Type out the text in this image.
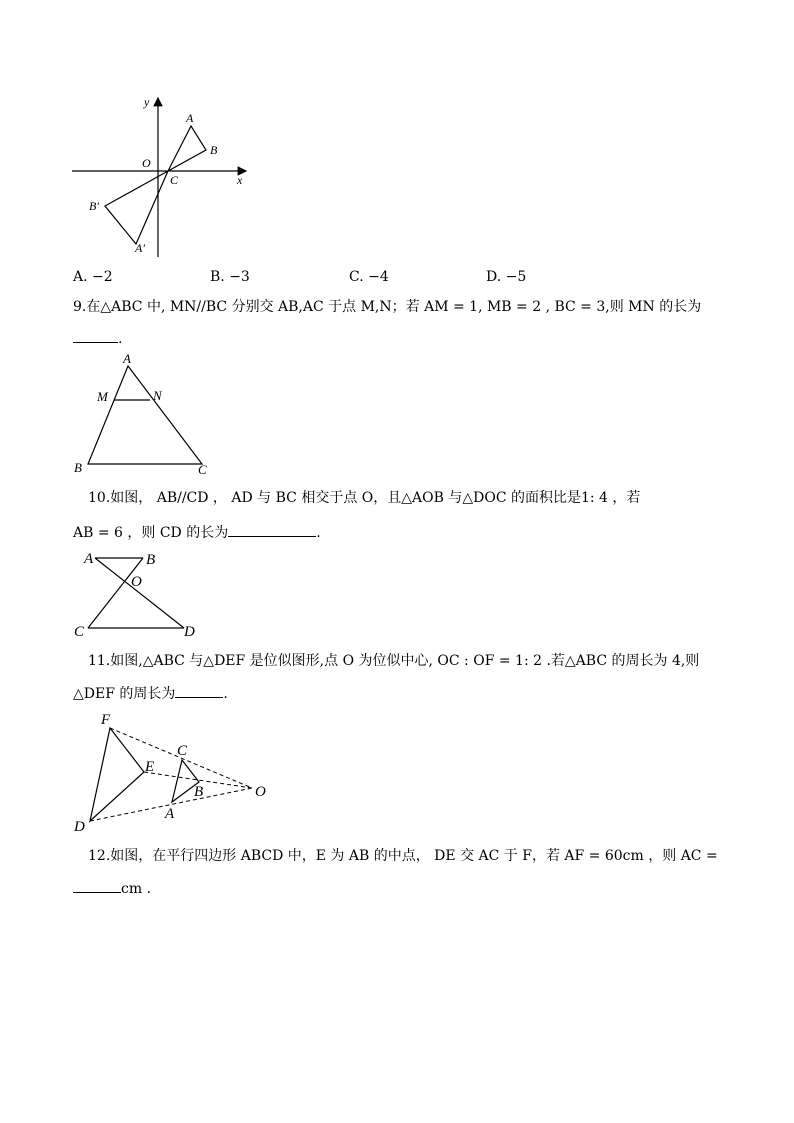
y
x
O
A
B
C
B′
A′
A. −2	B. −3	C. −4	D. −5
9.在△ABC 中, MN//BC 分别交 AB,AC 于点 M,N；若 AM = 1, MB = 2 , BC = 3,则 MN 的长为
.
A
M	N
B	C
10.如图， AB//CD ， AD 与 BC 相交于点 O，且△AOB 与△DOC 的面积比是1: 4 ，若
AB = 6 ，则 CD 的长为	.
A	B
O
C	D
11.如图,△ABC 与△DEF 是位似图形,点 O 为位似中心, OC : OF = 1: 2 .若△ABC 的周长为 4,则
△DEF 的周长为	.
F
E
C
B	O
A
D
12.如图，在平行四边形 ABCD 中，E 为 AB 的中点， DE 交 AC 于 F，若 AF = 60cm ，则 AC =
cm .
